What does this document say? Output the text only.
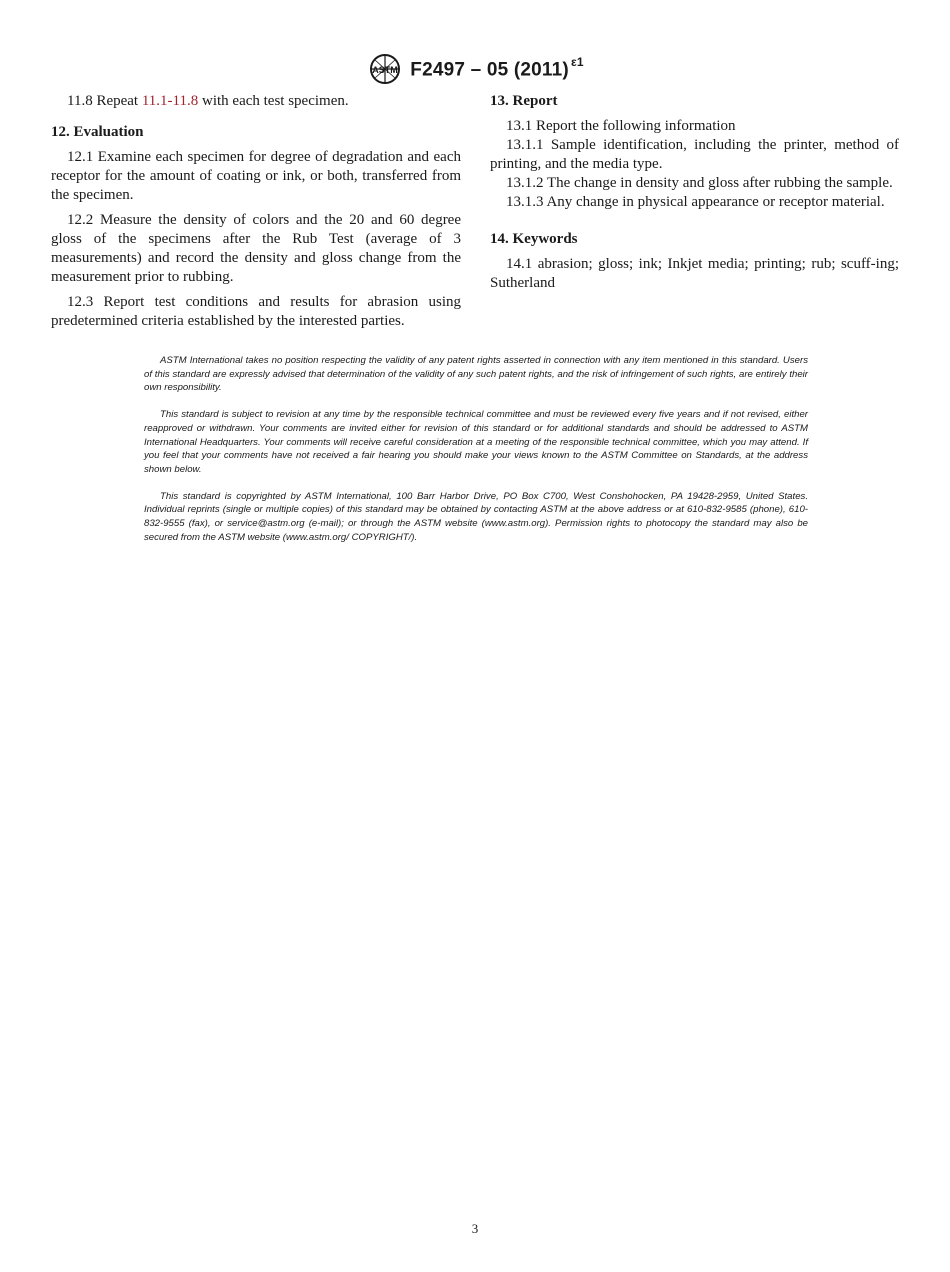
ASTM F2497 – 05 (2011) $^{\varepsilon 1}$

11.8 Repeat 11.1-11.8 with each test specimen.

12. Evaluation

12.1 Examine each specimen for degree of degradation and each receptor for the amount of coating or ink, or both, transferred from the specimen.

12.2 Measure the density of colors and the 20 and 60 degree gloss of the specimens after the Rub Test (average of 3 measurements) and record the density and gloss change from the measurement prior to rubbing.

12.3 Report test conditions and results for abrasion using predetermined criteria established by the interested parties.

13. Report

13.1 Report the following information

13.1.1 Sample identification, including the printer, method of printing, and the media type.

13.1.2 The change in density and gloss after rubbing the sample.

13.1.3 Any change in physical appearance or receptor material.

14. Keywords

14.1 abrasion; gloss; ink; Inkjet media; printing; rub; scuff-ing; Sutherland

ASTM International takes no position respecting the validity of any patent rights asserted in connection with any item mentioned in this standard. Users of this standard are expressly advised that determination of the validity of any such patent rights, and the risk of infringement of such rights, are entirely their own responsibility.

This standard is subject to revision at any time by the responsible technical committee and must be reviewed every five years and if not revised, either reapproved or withdrawn. Your comments are invited either for revision of this standard or for additional standards and should be addressed to ASTM International Headquarters. Your comments will receive careful consideration at a meeting of the responsible technical committee, which you may attend. If you feel that your comments have not received a fair hearing you should make your views known to the ASTM Committee on Standards, at the address shown below.

This standard is copyrighted by ASTM International, 100 Barr Harbor Drive, PO Box C700, West Conshohocken, PA 19428-2959, United States. Individual reprints (single or multiple copies) of this standard may be obtained by contacting ASTM at the above address or at 610-832-9585 (phone), 610-832-9555 (fax), or service@astm.org (e-mail); or through the ASTM website (www.astm.org). Permission rights to photocopy the standard may also be secured from the ASTM website (www.astm.org/ COPYRIGHT/).

3
